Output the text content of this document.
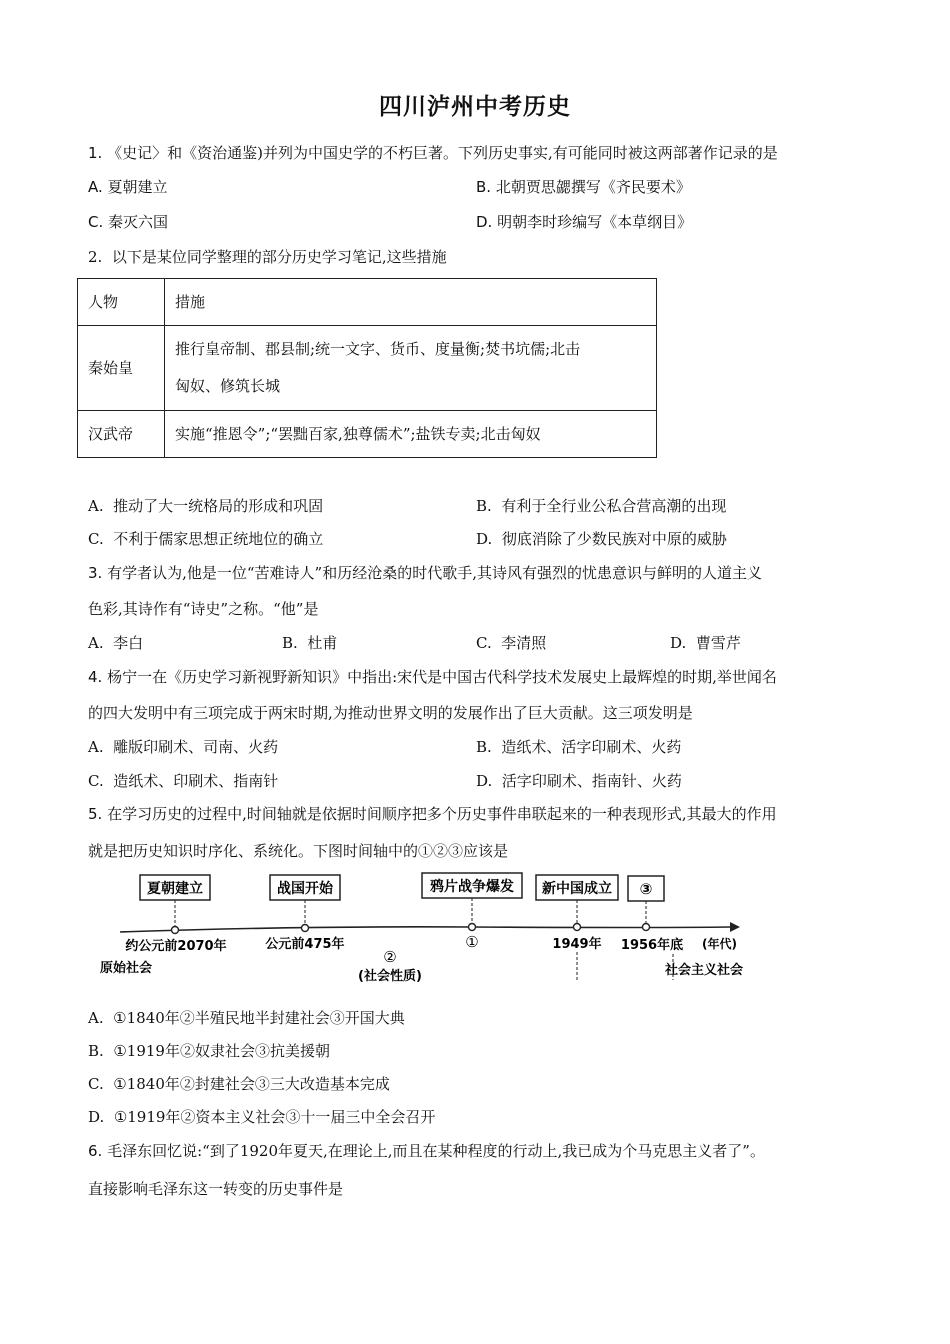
四川泸州中考历史
1. 《史记〉和《资治通鉴)并列为中国史学的不朽巨著。下列历史事实,有可能同时被这两部著作记录的是
A. 夏朝建立	B. 北朝贾思勰撰写《齐民要术》
C. 秦灭六国	D. 明朝李时珍编写《本草纲目》
2. 以下是某位同学整理的部分历史学习笔记,这些措施
人物	措施
秦始皇	推行皇帝制、郡县制;统一文字、货币、度量衡;焚书坑儒;北击
匈奴、修筑长城

汉武帝	实施“推恩令”;“罢黜百家,独尊儒术”;盐铁专卖;北击匈奴
A. 推动了大一统格局的形成和巩固	B. 有利于全行业公私合营高潮的出现
C. 不利于儒家思想正统地位的确立	D. 彻底消除了少数民族对中原的威胁
3. 有学者认为,他是一位“苦难诗人”和历经沧桑的时代歌手,其诗风有强烈的忧患意识与鲜明的人道主义
色彩,其诗作有“诗史”之称。“他”是
A. 李白	B. 杜甫	C. 李清照	D. 曹雪芹
4. 杨宁一在《历史学习新视野新知识》中指出:宋代是中国古代科学技术发展史上最辉煌的时期,举世闻名
的四大发明中有三项完成于两宋时期,为推动世界文明的发展作出了巨大贡献。这三项发明是
A. 雕版印刷术、司南、火药	B. 造纸术、活字印刷术、火药
C. 造纸术、印刷术、指南针	D. 活字印刷术、指南针、火药
5. 在学习历史的过程中,时间轴就是依据时间顺序把多个历史事件串联起来的一种表现形式,其最大的作用
就是把历史知识时序化、系统化。下图时间轴中的①②③应该是
夏朝建立	战国开始	鸦片战争爆发 新中国成立 ③
约公元前2070年	公元前475年	①	1949年 1956年底 (年代)
原始社会
②
(社会性质)	社会主义社会
A. ①1840年②半殖民地半封建社会③开国大典
B. ①1919年②奴隶社会③抗美援朝
C. ①1840年②封建社会③三大改造基本完成
D. ①1919年②资本主义社会③十一届三中全会召开
6. 毛泽东回忆说:“到了1920年夏天,在理论上,而且在某种程度的行动上,我已成为个马克思主义者了”。
直接影响毛泽东这一转变的历史事件是
